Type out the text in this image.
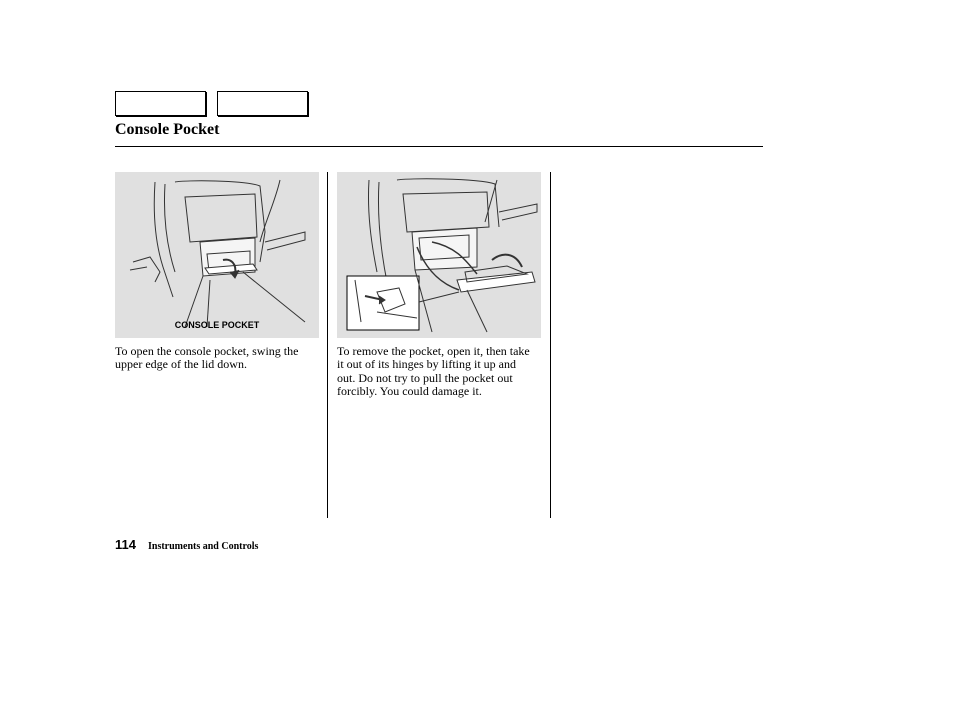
Console Pocket
CONSOLE POCKET
To open the console pocket, swing the upper edge of the lid down.
To remove the pocket, open it, then take it out of its hinges by lifting it up and out. Do not try to pull the pocket out forcibly. You could damage it.
114 Instruments and Controls
